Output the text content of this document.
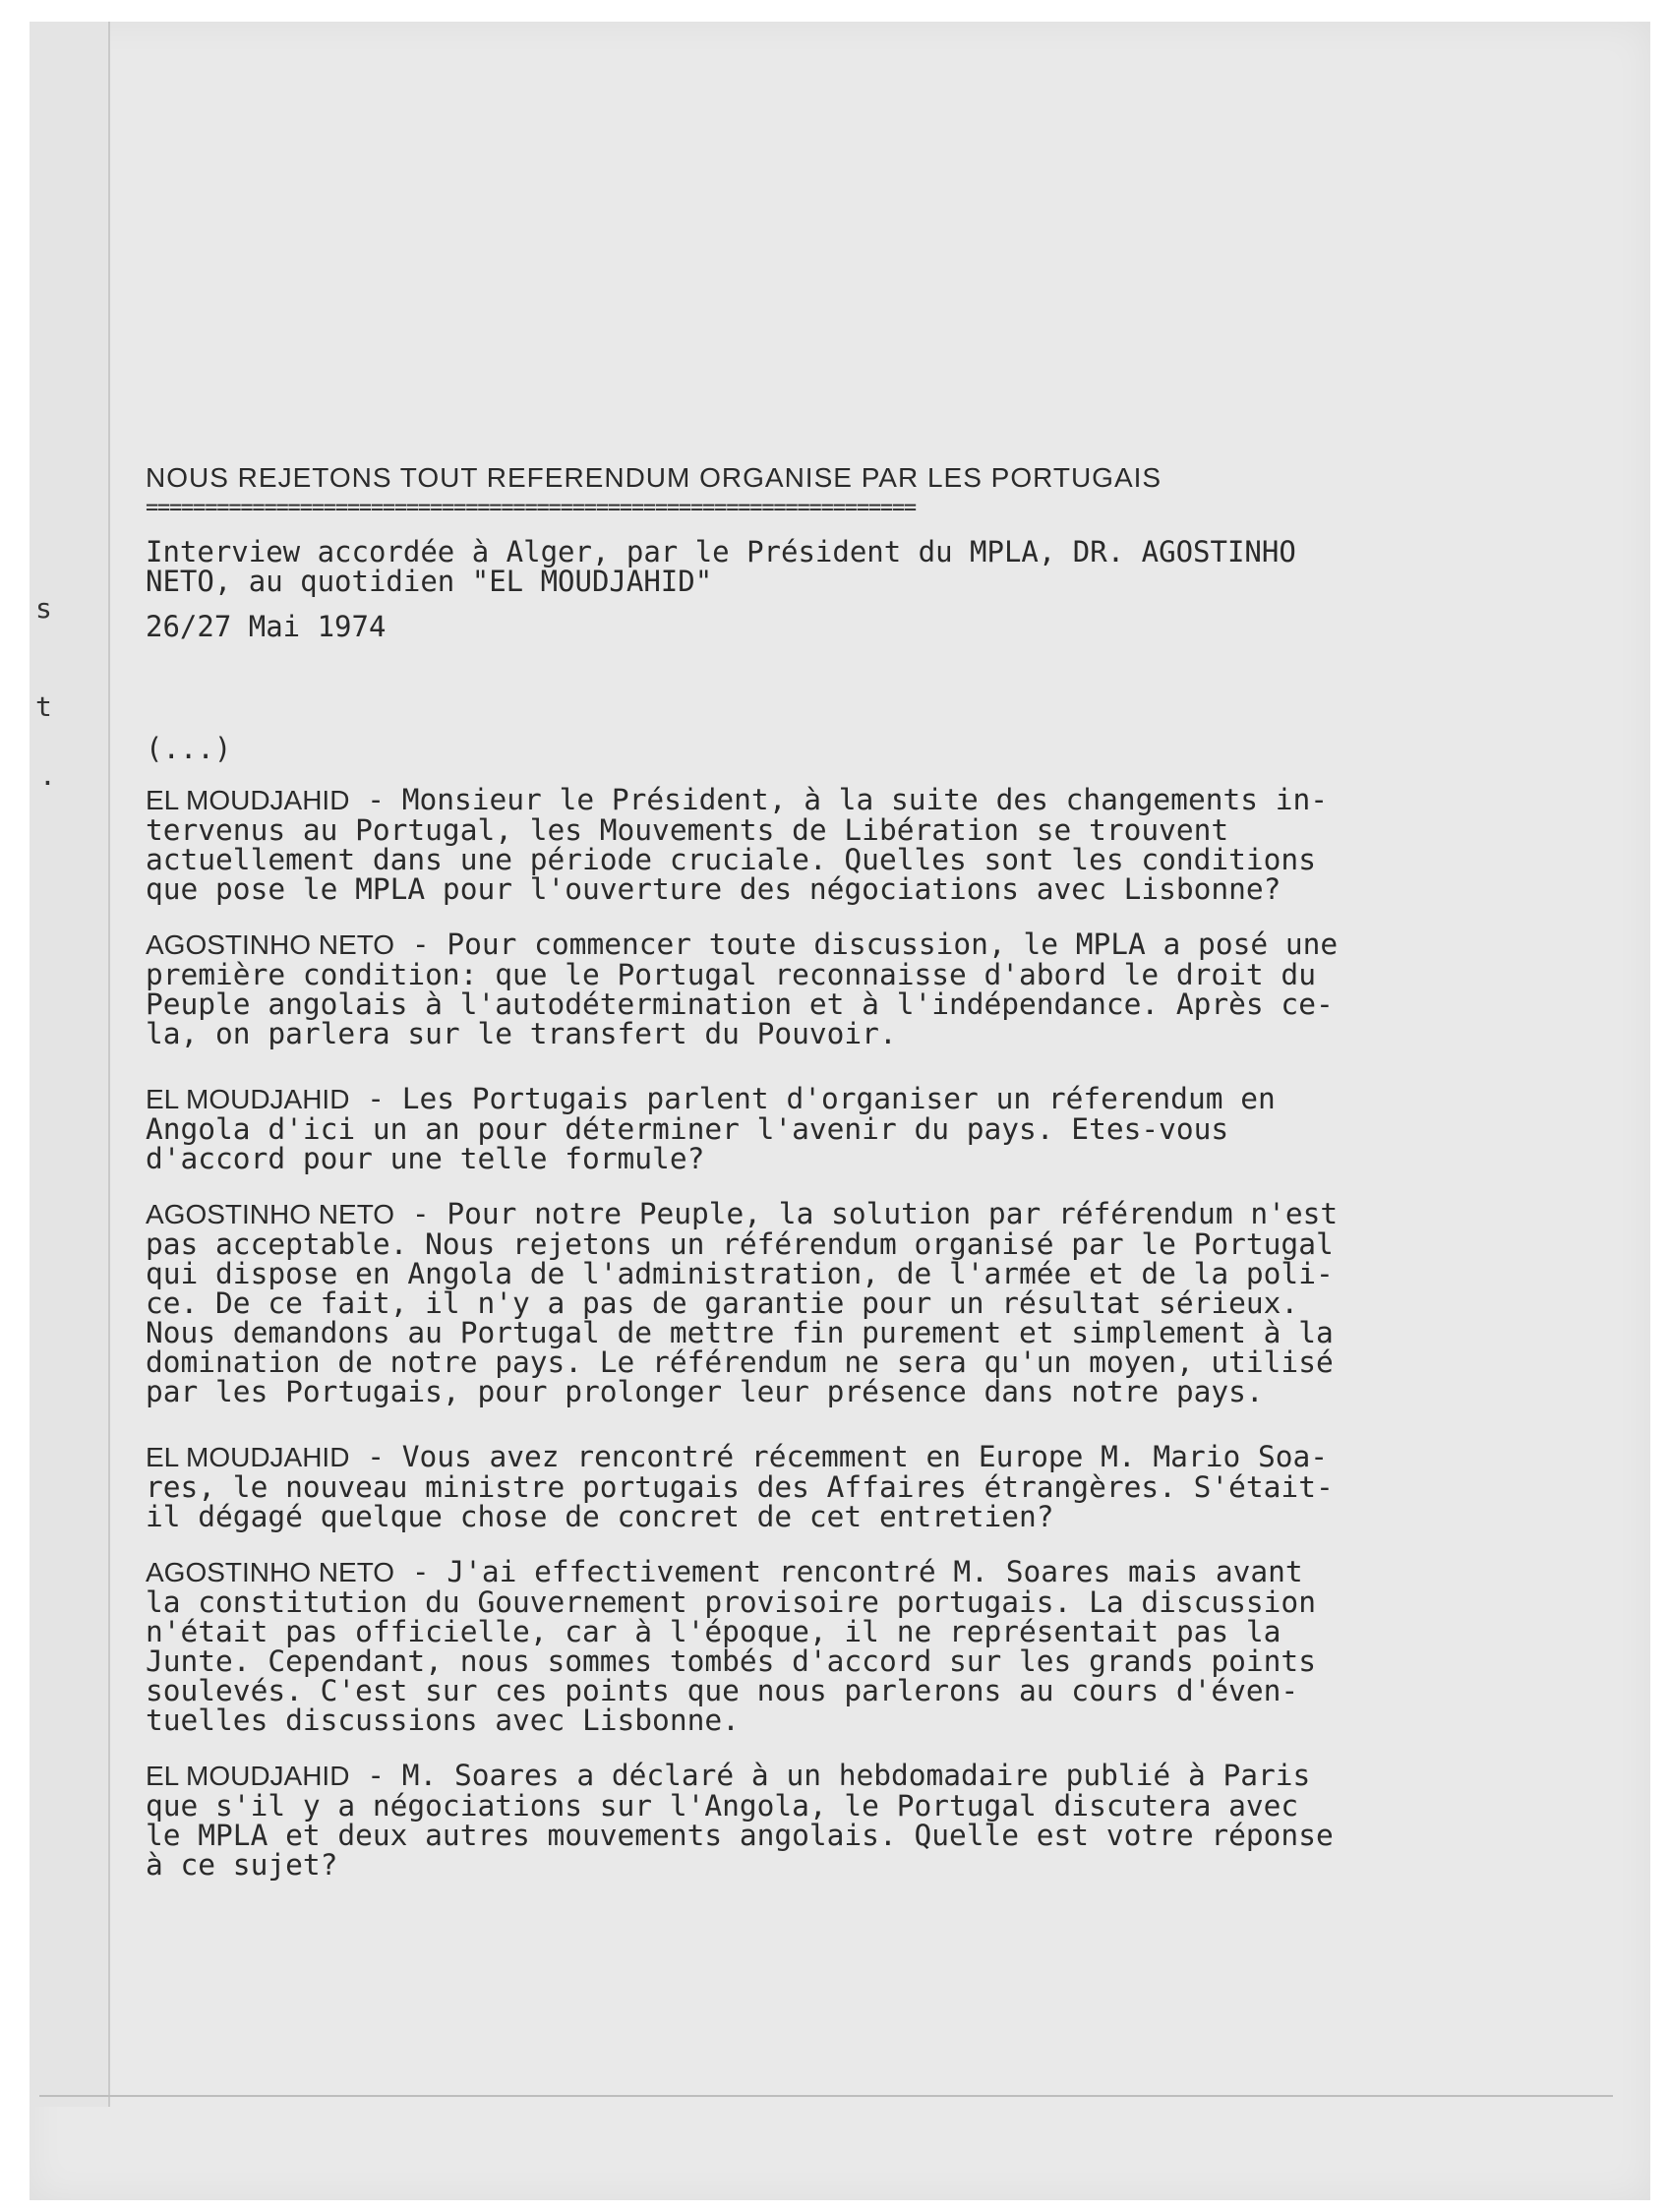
s
t
.
NOUS REJETONS TOUT REFERENDUM ORGANISE PAR LES PORTUGAIS
=================================================================
Interview accordée à Alger, par le Président du MPLA, DR. AGOSTINHO
NETO, au quotidien "EL MOUDJAHID"
26/27 Mai 1974
(...)
EL MOUDJAHID - Monsieur le Président, à la suite des changements in-
tervenus au Portugal, les Mouvements de Libération se trouvent
actuellement dans une période cruciale. Quelles sont les conditions
que pose le MPLA pour l'ouverture des négociations avec Lisbonne?
AGOSTINHO NETO - Pour commencer toute discussion, le MPLA a posé une
première condition: que le Portugal reconnaisse d'abord le droit du
Peuple angolais à l'autodétermination et à l'indépendance. Après ce-
la, on parlera sur le transfert du Pouvoir.
EL MOUDJAHID - Les Portugais parlent d'organiser un réferendum en
Angola d'ici un an pour déterminer l'avenir du pays. Etes-vous
d'accord pour une telle formule?
AGOSTINHO NETO - Pour notre Peuple, la solution par référendum n'est
pas acceptable. Nous rejetons un référendum organisé par le Portugal
qui dispose en Angola de l'administration, de l'armée et de la poli-
ce. De ce fait, il n'y a pas de garantie pour un résultat sérieux.
Nous demandons au Portugal de mettre fin purement et simplement à la
domination de notre pays. Le référendum ne sera qu'un moyen, utilisé
par les Portugais, pour prolonger leur présence dans notre pays.
EL MOUDJAHID - Vous avez rencontré récemment en Europe M. Mario Soa-
res, le nouveau ministre portugais des Affaires étrangères. S'était-
il dégagé quelque chose de concret de cet entretien?
AGOSTINHO NETO - J'ai effectivement rencontré M. Soares mais avant
la constitution du Gouvernement provisoire portugais. La discussion
n'était pas officielle, car à l'époque, il ne représentait pas la
Junte. Cependant, nous sommes tombés d'accord sur les grands points
soulevés. C'est sur ces points que nous parlerons au cours d'éven-
tuelles discussions avec Lisbonne.
EL MOUDJAHID - M. Soares a déclaré à un hebdomadaire publié à Paris
que s'il y a négociations sur l'Angola, le Portugal discutera avec
le MPLA et deux autres mouvements angolais. Quelle est votre réponse
à ce sujet?
